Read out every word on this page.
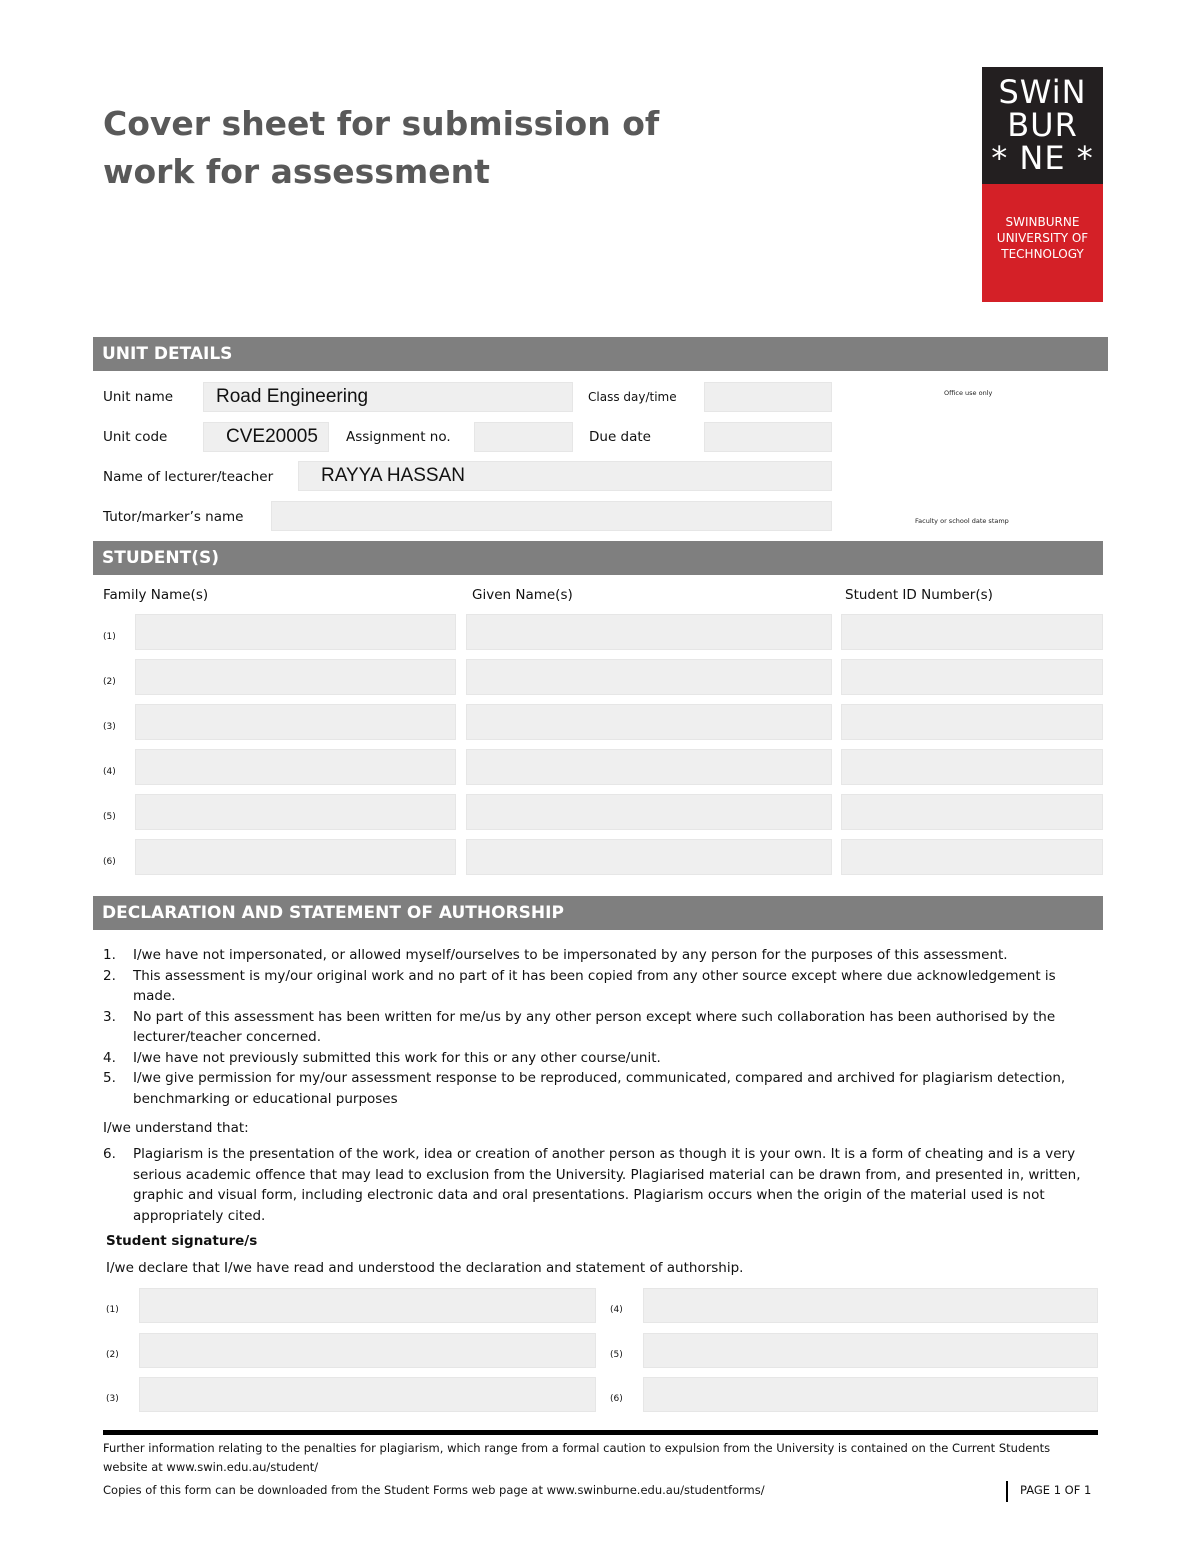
Cover sheet for submission of
work for assessment
SWiN
BUR
* NE *
SWINBURNE
UNIVERSITY OF
TECHNOLOGY
UNIT DETAILS
Unit name	Road Engineering	Class day/time	Office use only
Unit code	CVE20005	Assignment no.	Due date
Name of lecturer/teacher	RAYYA HASSAN
Tutor/marker’s name	Faculty or school date stamp
STUDENT(S)
Family Name(s)	Given Name(s)	Student ID Number(s)
(1)
(2)
(3)
(4)
(5)
(6)
DECLARATION AND STATEMENT OF AUTHORSHIP
1. I/we have not impersonated, or allowed myself/ourselves to be impersonated by any person for the purposes of this assessment.
2. This assessment is my/our original work and no part of it has been copied from any other source except where due acknowledgement is made.
3. No part of this assessment has been written for me/us by any other person except where such collaboration has been authorised by the lecturer/teacher concerned.
4. I/we have not previously submitted this work for this or any other course/unit.
5. I/we give permission for my/our assessment response to be reproduced, communicated, compared and archived for plagiarism detection, benchmarking or educational purposes
I/we understand that:
6. Plagiarism is the presentation of the work, idea or creation of another person as though it is your own. It is a form of cheating and is a very serious academic offence that may lead to exclusion from the University. Plagiarised material can be drawn from, and presented in, written, graphic and visual form, including electronic data and oral presentations. Plagiarism occurs when the origin of the material used is not appropriately cited.
Student signature/s
I/we declare that I/we have read and understood the declaration and statement of authorship.
(1)	(4)
(2)	(5)
(3)	(6)
Further information relating to the penalties for plagiarism, which range from a formal caution to expulsion from the University is contained on the Current Students
website at www.swin.edu.au/student/
Copies of this form can be downloaded from the Student Forms web page at www.swinburne.edu.au/studentforms/	PAGE 1 OF 1
